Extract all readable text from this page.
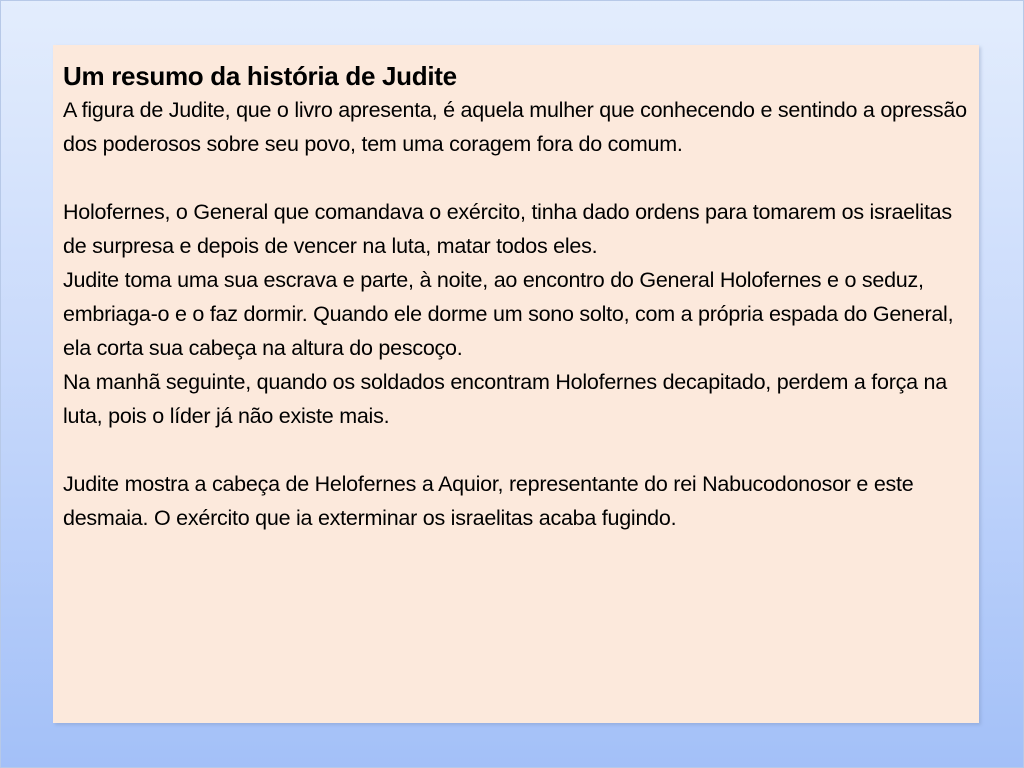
Um resumo da história de Judite

A figura de Judite, que o livro apresenta, é aquela mulher que conhecendo e sentindo a opressão dos poderosos sobre seu povo, tem uma coragem fora do comum.

Holofernes, o General que comandava o exército, tinha dado ordens para tomarem os israelitas de surpresa e depois de vencer na luta, matar todos eles.

Judite toma uma sua escrava e parte, à noite, ao encontro do General Holofernes e o seduz, embriaga-o e o faz dormir. Quando ele dorme um sono solto, com a própria espada do General, ela corta sua cabeça na altura do pescoço.

Na manhã seguinte, quando os soldados encontram Holofernes decapitado, perdem a força na luta, pois o líder já não existe mais.

Judite mostra a cabeça de Helofernes a Aquior, representante do rei Nabucodonosor e este desmaia. O exército que ia exterminar os israelitas acaba fugindo.
